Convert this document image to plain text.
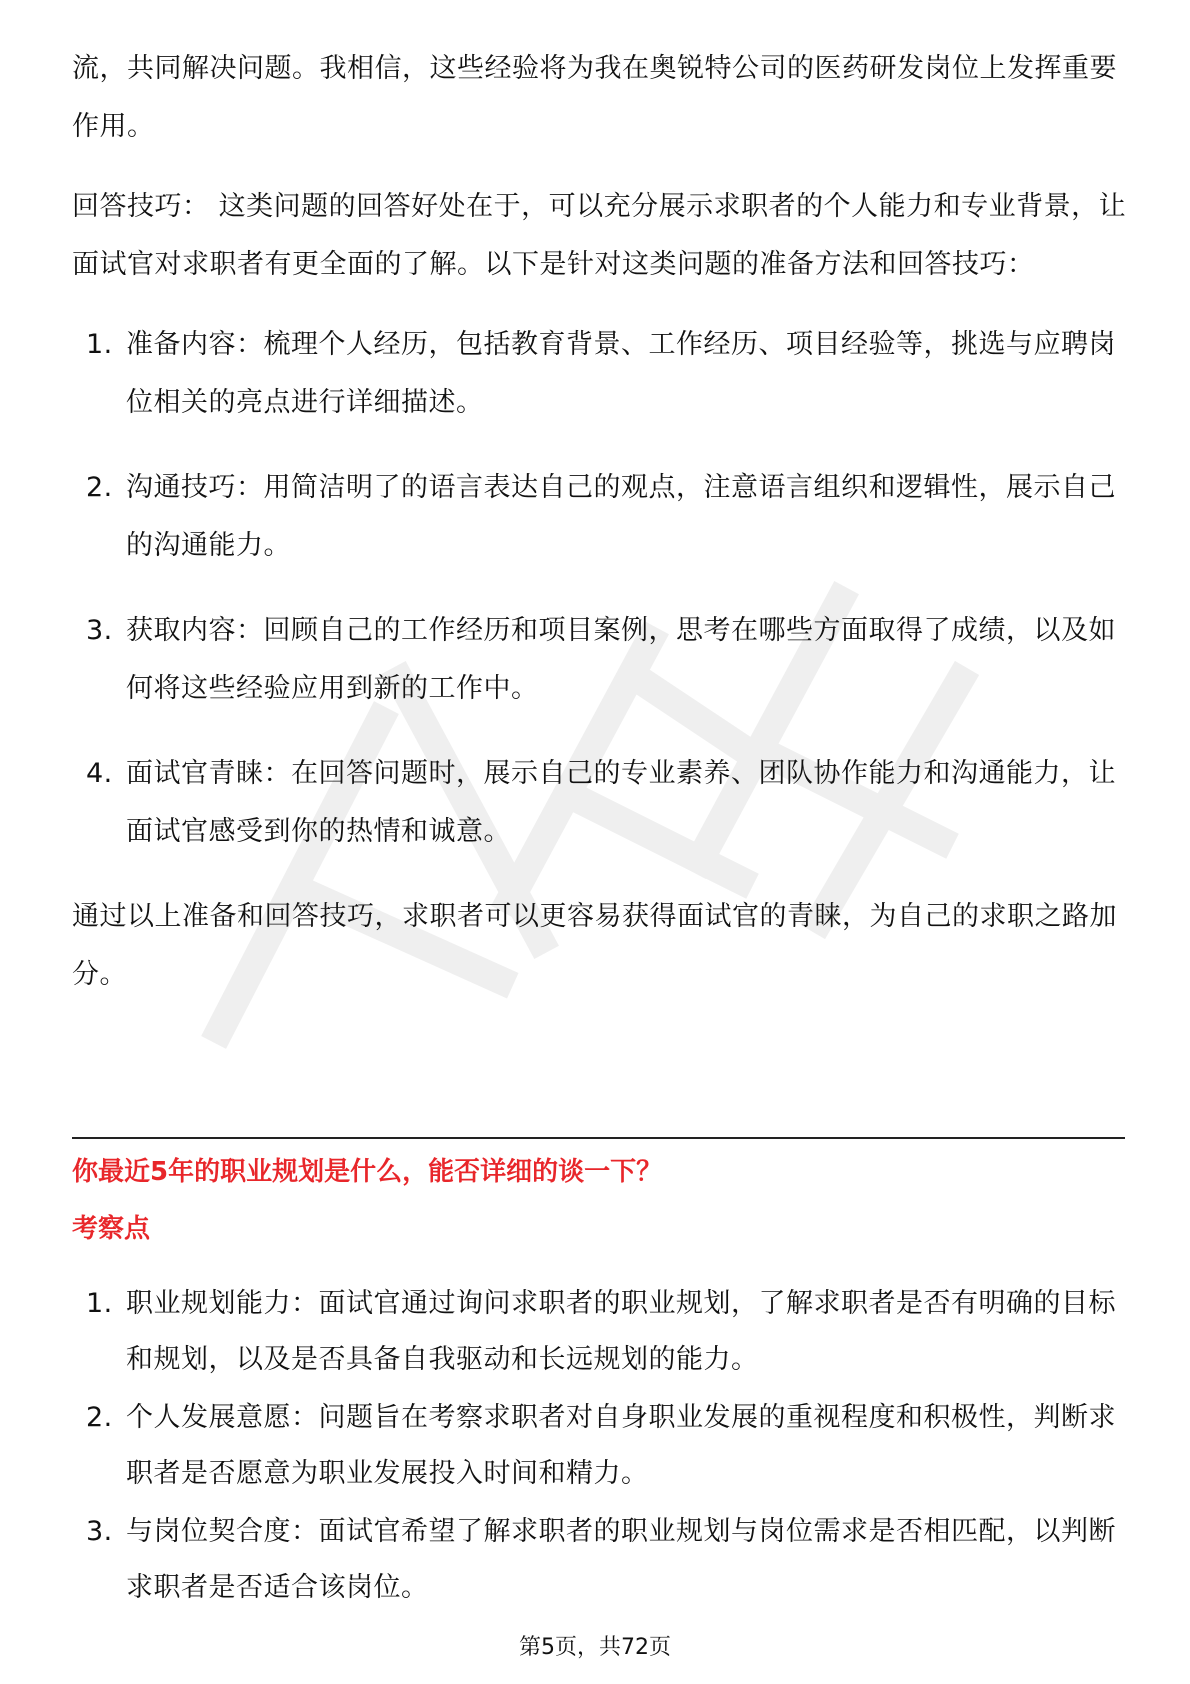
流，共同解决问题。我相信，这些经验将为我在奥锐特公司的医药研发岗位上发挥重要作用。

回答技巧： 这类问题的回答好处在于，可以充分展示求职者的个人能力和专业背景，让面试官对求职者有更全面的了解。以下是针对这类问题的准备方法和回答技巧：

1. 准备内容：梳理个人经历，包括教育背景、工作经历、项目经验等，挑选与应聘岗位相关的亮点进行详细描述。
2. 沟通技巧：用简洁明了的语言表达自己的观点，注意语言组织和逻辑性，展示自己的沟通能力。
3. 获取内容：回顾自己的工作经历和项目案例，思考在哪些方面取得了成绩，以及如何将这些经验应用到新的工作中。
4. 面试官青睐：在回答问题时，展示自己的专业素养、团队协作能力和沟通能力，让面试官感受到你的热情和诚意。

通过以上准备和回答技巧，求职者可以更容易获得面试官的青睐，为自己的求职之路加分。

你最近5年的职业规划是什么，能否详细的谈一下？
考察点
1. 职业规划能力：面试官通过询问求职者的职业规划，了解求职者是否有明确的目标和规划，以及是否具备自我驱动和长远规划的能力。
2. 个人发展意愿：问题旨在考察求职者对自身职业发展的重视程度和积极性，判断求职者是否愿意为职业发展投入时间和精力。
3. 与岗位契合度：面试官希望了解求职者的职业规划与岗位需求是否相匹配，以判断求职者是否适合该岗位。
第5页，共72页
